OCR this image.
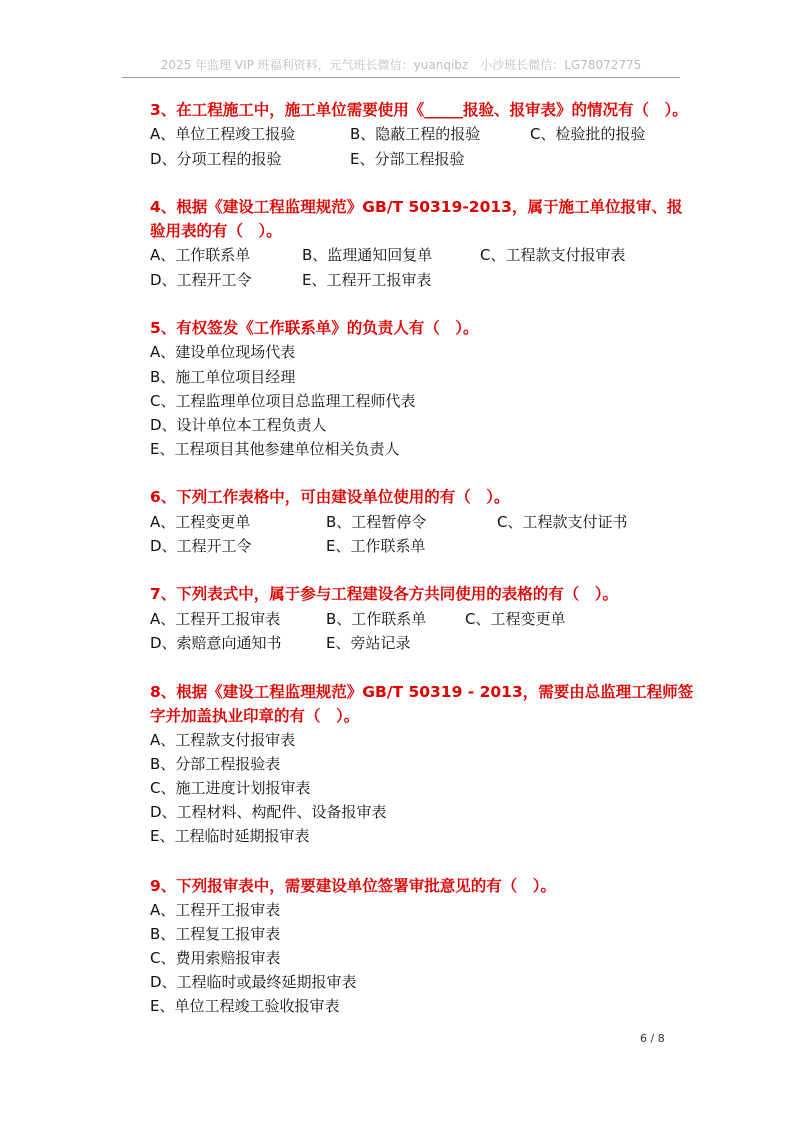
2025 年监理 VIP 班福利资料，元气班长微信：yuanqibz　小沙班长微信：LG78072775
3、在工程施工中，施工单位需要使用《_____报验、报审表》的情况有（　）。
A、单位工程竣工报验	B、隐蔽工程的报验	C、检验批的报验
D、分项工程的报验	E、分部工程报验
4、根据《建设工程监理规范》GB/T 50319-2013，属于施工单位报审、报验用表的有（　）。
A、工作联系单	B、监理通知回复单	C、工程款支付报审表
D、工程开工令	E、工程开工报审表
5、有权签发《工作联系单》的负责人有（　）。
A、建设单位现场代表
B、施工单位项目经理
C、工程监理单位项目总监理工程师代表
D、设计单位本工程负责人
E、工程项目其他参建单位相关负责人
6、下列工作表格中，可由建设单位使用的有（　）。
A、工程变更单	B、工程暂停令	C、工程款支付证书
D、工程开工令	E、工作联系单
7、下列表式中，属于参与工程建设各方共同使用的表格的有（　）。
A、工程开工报审表	B、工作联系单	C、工程变更单
D、索赔意向通知书	E、旁站记录
8、根据《建设工程监理规范》GB/T 50319 - 2013，需要由总监理工程师签字并加盖执业印章的有（　）。
A、工程款支付报审表
B、分部工程报验表
C、施工进度计划报审表
D、工程材料、构配件、设备报审表
E、工程临时延期报审表
9、下列报审表中，需要建设单位签署审批意见的有（　）。
A、工程开工报审表
B、工程复工报审表
C、费用索赔报审表
D、工程临时或最终延期报审表
E、单位工程竣工验收报审表
6 / 8
